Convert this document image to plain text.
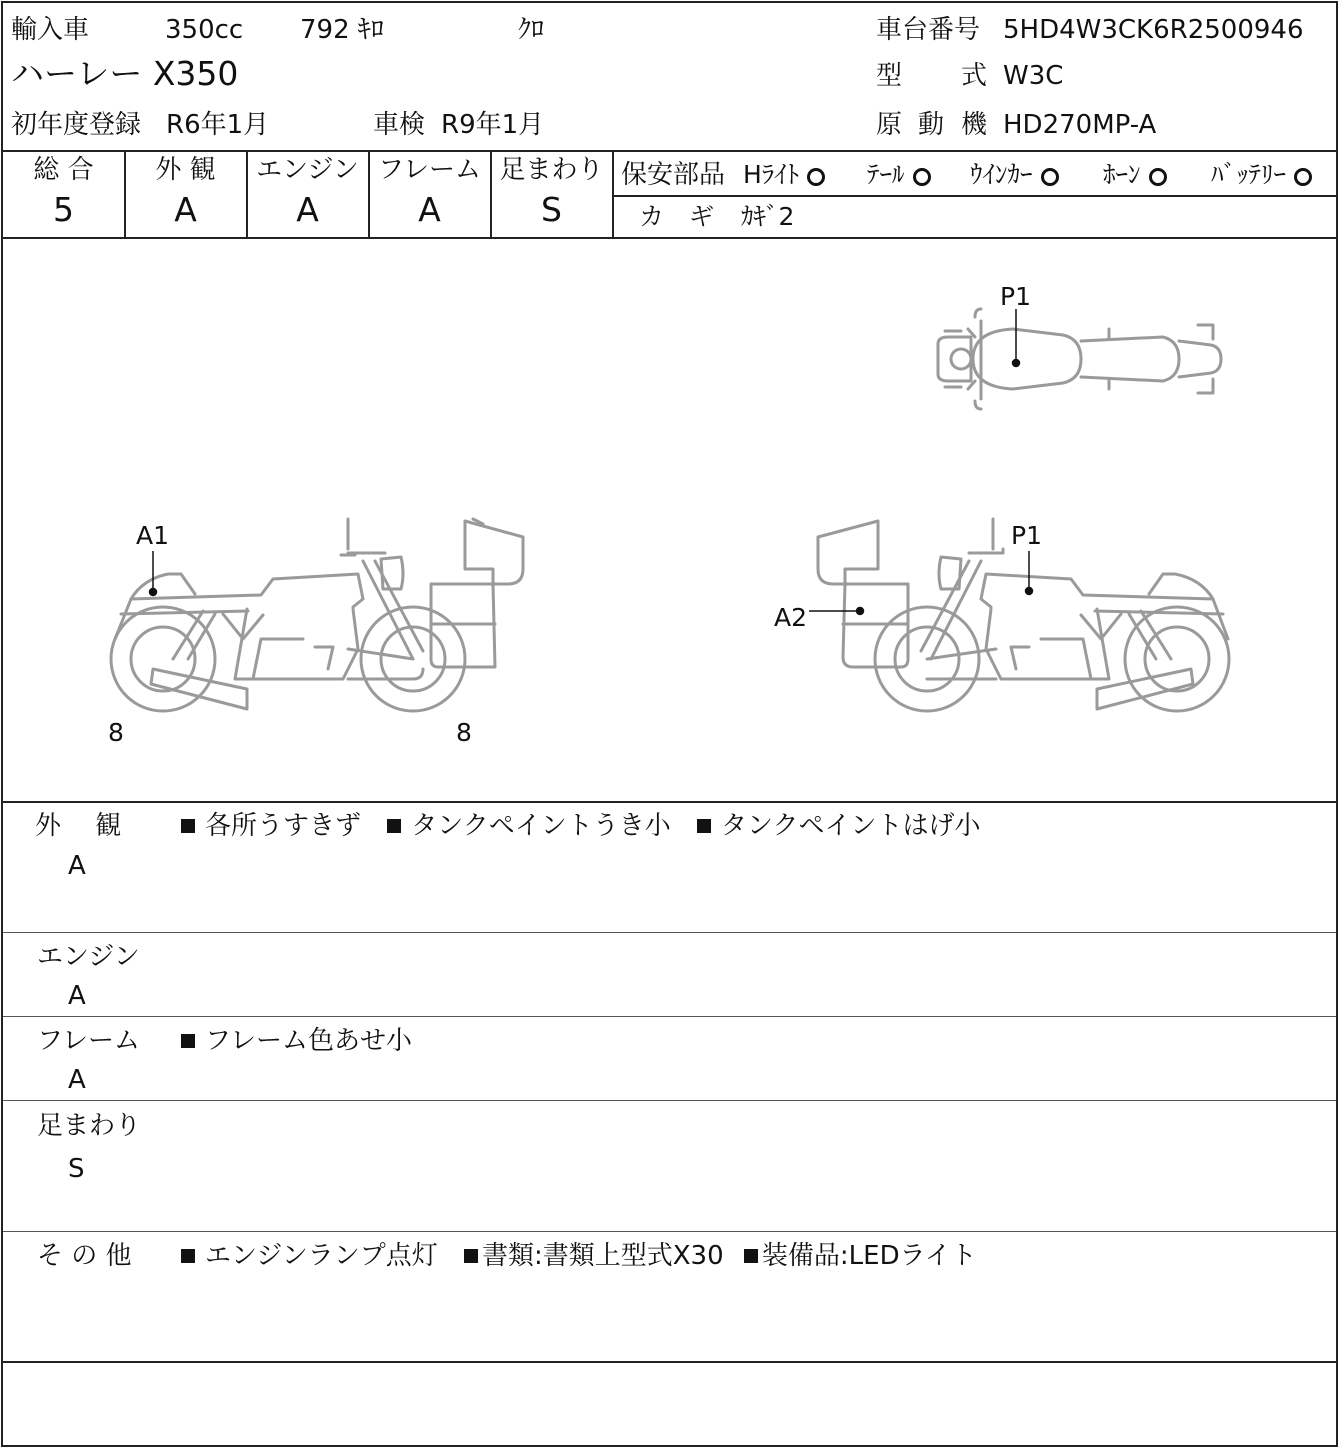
輸入車	350cc 792 ｷﾛ	ｸﾛ
ハーレー X350
初年度登録 R6年1月	車検 R9年1月
車台番号 5HD4W3CK6R2500946
型 式 W3C
原 動 機 HD270MP-A
総 合
5
外 観
A
エンジン
A
フレーム
A
足まわり
S
保安部品 Hﾗｲﾄ	ﾃｰﾙ	ｳｲﾝｶｰ	ﾎｰﾝ	ﾊﾞｯﾃﾘｰ
カ　ギ ｶｷﾞ2
P1
A1
8	8
P1
A2
外　 観
A
各所うすきず タンクペイントうき小 タンクペイントはげ小
エンジン
A
フレーム
A
フレーム色あせ小
足まわり
S
そ の 他	エンジンランプ点灯 書類:書類上型式X30 装備品:LEDライト
